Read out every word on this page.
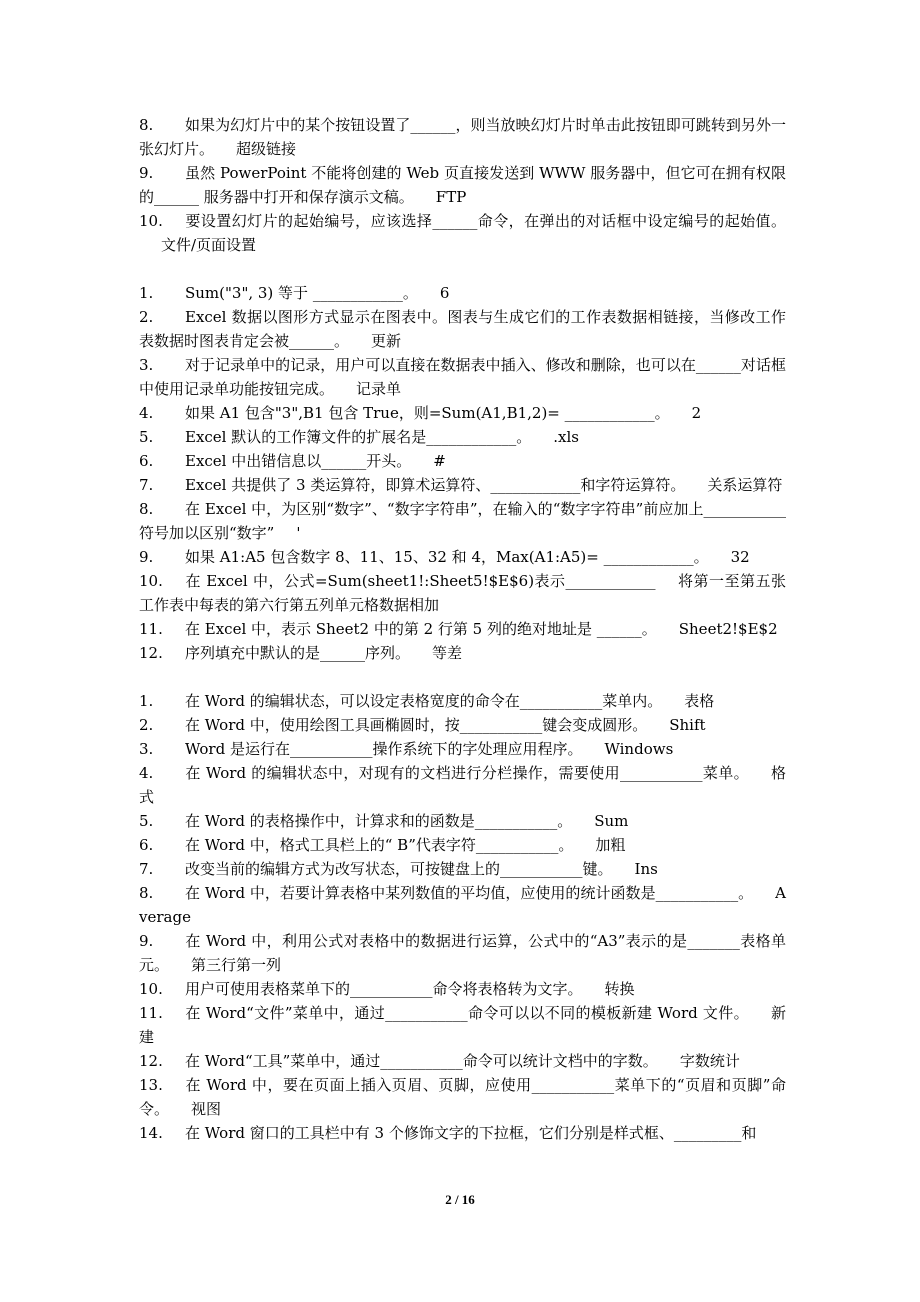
8. 如果为幻灯片中的某个按钮设置了______，则当放映幻灯片时单击此按钮即可跳转到另外一张幻灯片。 超级链接

9. 虽然 PowerPoint 不能将创建的 Web 页直接发送到 WWW 服务器中，但它可在拥有权限的______ 服务器中打开和保存演示文稿。 FTP

10. 要设置幻灯片的起始编号，应该选择______命令，在弹出的对话框中设定编号的起始值。文件/页面设置

1. Sum("3", 3) 等于 ____________。 6

2. Excel 数据以图形方式显示在图表中。图表与生成它们的工作表数据相链接，当修改工作表数据时图表肯定会被______。 更新

3. 对于记录单中的记录，用户可以直接在数据表中插入、修改和删除，也可以在______对话框中使用记录单功能按钮完成。 记录单

4. 如果 A1 包含"3",B1 包含 True，则=Sum(A1,B1,2)= ____________。 2

5. Excel 默认的工作簿文件的扩展名是____________。 .xls

6. Excel 中出错信息以______开头。 #

7. Excel 共提供了 3 类运算符，即算术运算符、____________和字符运算符。 关系运算符

8. 在 Excel 中，为区别“数字”、“数字字符串”，在输入的“数字字符串”前应加上___________符号加以区别“数字” '

9. 如果 A1:A5 包含数字 8、11、15、32 和 4，Max(A1:A5)= ____________。 32

10. 在 Excel 中，公式=Sum(sheet1!:Sheet5!$E$6)表示____________ 将第一至第五张工作表中每表的第六行第五列单元格数据相加

11. 在 Excel 中，表示 Sheet2 中的第 2 行第 5 列的绝对地址是 ______。 Sheet2!$E$2

12. 序列填充中默认的是______序列。 等差

1. 在 Word 的编辑状态，可以设定表格宽度的命令在___________菜单内。 表格

2. 在 Word 中，使用绘图工具画椭圆时，按___________键会变成圆形。 Shift

3. Word 是运行在___________操作系统下的字处理应用程序。 Windows

4. 在 Word 的编辑状态中，对现有的文档进行分栏操作，需要使用___________菜单。 格式

5. 在 Word 的表格操作中，计算求和的函数是___________。 Sum

6. 在 Word 中，格式工具栏上的“ B”代表字符___________。 加粗

7. 改变当前的编辑方式为改写状态，可按键盘上的___________键。 Ins

8. 在 Word 中，若要计算表格中某列数值的平均值，应使用的统计函数是___________。 Average

9. 在 Word 中，利用公式对表格中的数据进行运算，公式中的“A3”表示的是_______表格单元。 第三行第一列

10. 用户可使用表格菜单下的___________命令将表格转为文字。 转换

11. 在 Word“文件”菜单中，通过___________命令可以以不同的模板新建 Word 文件。 新建

12. 在 Word“工具”菜单中，通过___________命令可以统计文档中的字数。 字数统计

13. 在 Word 中，要在页面上插入页眉、页脚，应使用___________菜单下的“页眉和页脚”命令。 视图

14. 在 Word 窗口的工具栏中有 3 个修饰文字的下拉框，它们分别是样式框、_________和

2 / 16
